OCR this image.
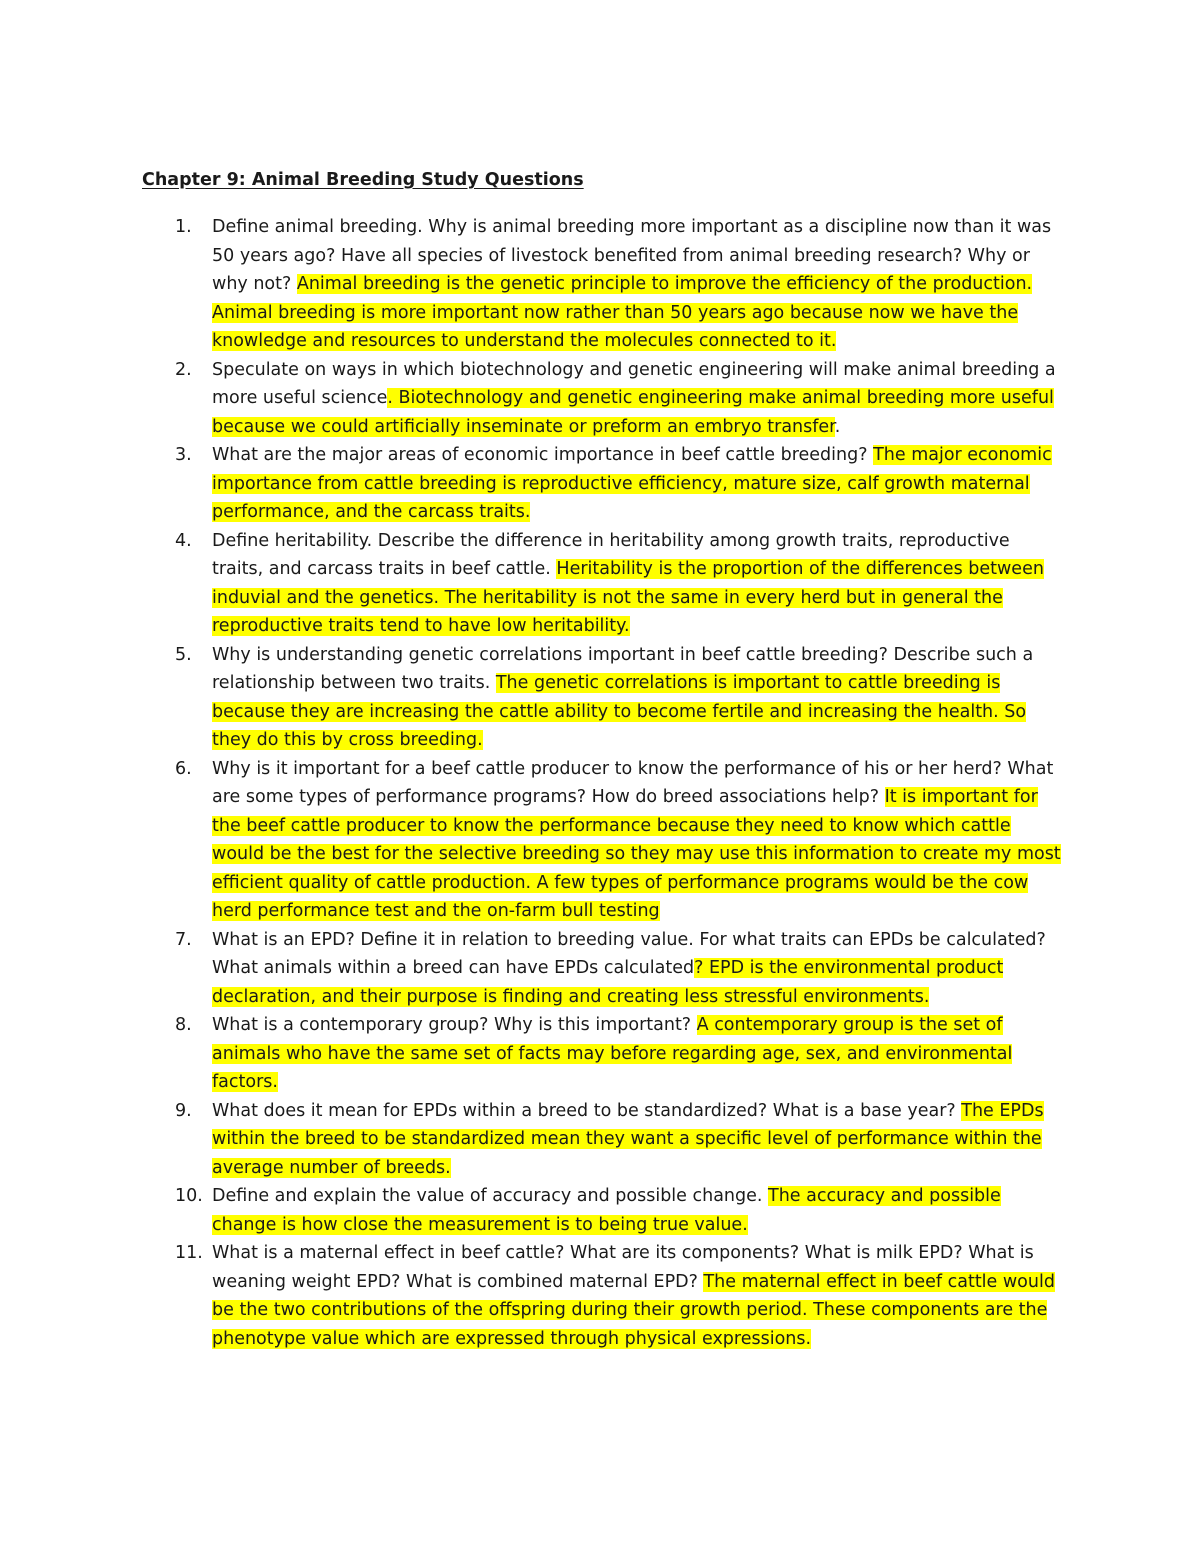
Chapter 9: Animal Breeding Study Questions
1. Define animal breeding. Why is animal breeding more important as a discipline now than it was 50 years ago? Have all species of livestock benefited from animal breeding research? Why or why not? Animal breeding is the genetic principle to improve the efficiency of the production. Animal breeding is more important now rather than 50 years ago because now we have the knowledge and resources to understand the molecules connected to it.
2. Speculate on ways in which biotechnology and genetic engineering will make animal breeding a more useful science. Biotechnology and genetic engineering make animal breeding more useful because we could artificially inseminate or preform an embryo transfer.
3. What are the major areas of economic importance in beef cattle breeding? The major economic importance from cattle breeding is reproductive efficiency, mature size, calf growth maternal performance, and the carcass traits.
4. Define heritability. Describe the difference in heritability among growth traits, reproductive traits, and carcass traits in beef cattle. Heritability is the proportion of the differences between induvial and the genetics. The heritability is not the same in every herd but in general the reproductive traits tend to have low heritability.
5. Why is understanding genetic correlations important in beef cattle breeding? Describe such a relationship between two traits. The genetic correlations is important to cattle breeding is because they are increasing the cattle ability to become fertile and increasing the health. So they do this by cross breeding.
6. Why is it important for a beef cattle producer to know the performance of his or her herd? What are some types of performance programs? How do breed associations help? It is important for the beef cattle producer to know the performance because they need to know which cattle would be the best for the selective breeding so they may use this information to create my most efficient quality of cattle production. A few types of performance programs would be the cow herd performance test and the on-farm bull testing
7. What is an EPD? Define it in relation to breeding value. For what traits can EPDs be calculated? What animals within a breed can have EPDs calculated? EPD is the environmental product declaration, and their purpose is finding and creating less stressful environments.
8. What is a contemporary group? Why is this important? A contemporary group is the set of animals who have the same set of facts may before regarding age, sex, and environmental factors.
9. What does it mean for EPDs within a breed to be standardized? What is a base year? The EPDs within the breed to be standardized mean they want a specific level of performance within the average number of breeds.
10. Define and explain the value of accuracy and possible change. The accuracy and possible change is how close the measurement is to being true value.
11. What is a maternal effect in beef cattle? What are its components? What is milk EPD? What is weaning weight EPD? What is combined maternal EPD? The maternal effect in beef cattle would be the two contributions of the offspring during their growth period. These components are the phenotype value which are expressed through physical expressions.
